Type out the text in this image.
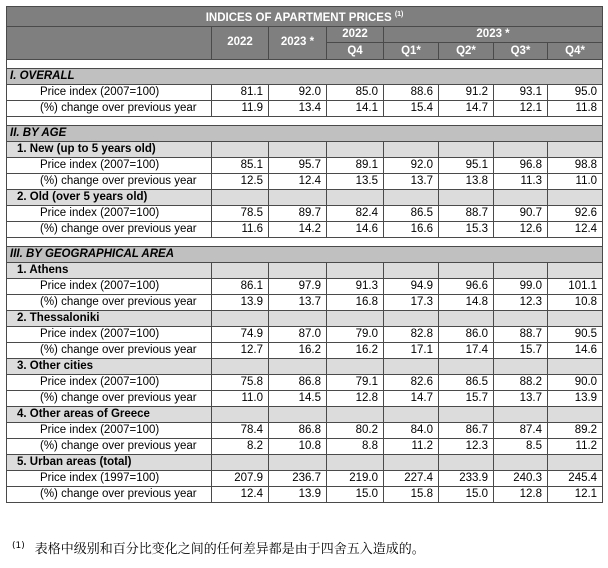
INDICES OF APARTMENT PRICES $^{(1)}$
	2022	2023 *	2022	2023 *			
			Q4	Q1*	Q2*	Q3*	Q4*

I. OVERALL							
Price index (2007=100)	81.1	92.0	85.0	88.6	91.2	93.1	95.0
(%) change over previous year	11.9	13.4	14.1	15.4	14.7	12.1	11.8

II. BY AGE							
1. New (up to 5 years old)							
Price index (2007=100)	85.1	95.7	89.1	92.0	95.1	96.8	98.8
(%) change over previous year	12.5	12.4	13.5	13.7	13.8	11.3	11.0
2. Old (over 5 years old)							
Price index (2007=100)	78.5	89.7	82.4	86.5	88.7	90.7	92.6
(%) change over previous year	11.6	14.2	14.6	16.6	15.3	12.6	12.4

III. BY GEOGRAPHICAL AREA							
1. Athens							
Price index (2007=100)	86.1	97.9	91.3	94.9	96.6	99.0	101.1
(%) change over previous year	13.9	13.7	16.8	17.3	14.8	12.3	10.8
2. Thessaloniki							
Price index (2007=100)	74.9	87.0	79.0	82.8	86.0	88.7	90.5
(%) change over previous year	12.7	16.2	16.2	17.1	17.4	15.7	14.6
3. Other cities							
Price index (2007=100)	75.8	86.8	79.1	82.6	86.5	88.2	90.0
(%) change over previous year	11.0	14.5	12.8	14.7	15.7	13.7	13.9
4. Other areas of Greece							
Price index (2007=100)	78.4	86.8	80.2	84.0	86.7	87.4	89.2
(%) change over previous year	8.2	10.8	8.8	11.2	12.3	8.5	11.2
5. Urban areas (total)							
Price index (1997=100)	207.9	236.7	219.0	227.4	233.9	240.3	245.4
(%) change over previous year	12.4	13.9	15.0	15.8	15.0	12.8	12.1
$^{(1)}$ 表格中级别和百分比变化之间的任何差异都是由于四舍五入造成的。
